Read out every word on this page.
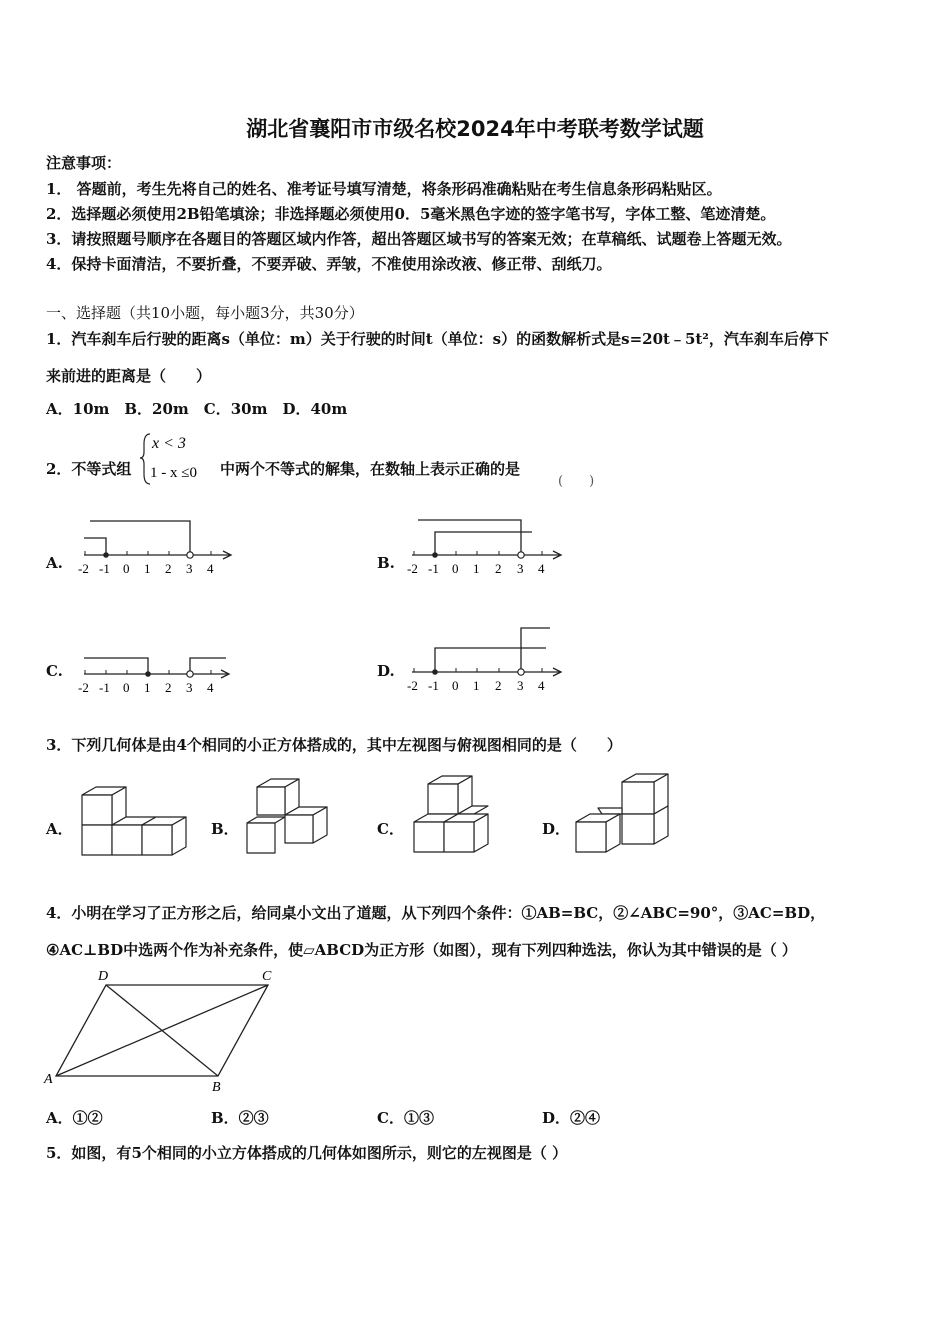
湖北省襄阳市市级名校2024年中考联考数学试题
注意事项：
1． 答题前，考生先将自己的姓名、准考证号填写清楚，将条形码准确粘贴在考生信息条形码粘贴区。
2．选择题必须使用2B铅笔填涂；非选择题必须使用0．5毫米黑色字迹的签字笔书写，字体工整、笔迹清楚。
3．请按照题号顺序在各题目的答题区域内作答，超出答题区域书写的答案无效；在草稿纸、试题卷上答题无效。
4．保持卡面清洁，不要折叠，不要弄破、弄皱，不准使用涂改液、修正带、刮纸刀。
一、选择题（共10小题，每小题3分，共30分）
1．汽车刹车后行驶的距离s（单位：m）关于行驶的时间t（单位：s）的函数解析式是s=20t﹣5t²，汽车刹车后停下
来前进的距离是（　　）
A．10m　B．20m　C．30m　D．40m
2．不等式组
x < 3
1 - x ≤0 中两个不等式的解集，在数轴上表示正确的是
(　　)
A.	B.
C.	D.
-2 -1 0 1 2 3 4	-2 -1 0 1 2 3 4
-2 -1 0 1 2 3 4	-2 -1 0 1 2 3 4
3．下列几何体是由4个相同的小正方体搭成的，其中左视图与俯视图相同的是（　　）
A．	B．	C．	D．
4．小明在学习了正方形之后，给同桌小文出了道题，从下列四个条件：①AB=BC，②∠ABC=90°，③AC=BD，
④AC⊥BD中选两个作为补充条件，使▱ABCD为正方形（如图），现有下列四种选法，你认为其中错误的是（ ）
D	C
A
B
A．①②	B．②③	C．①③	D．②④
5．如图，有5个相同的小立方体搭成的几何体如图所示，则它的左视图是（ ）
